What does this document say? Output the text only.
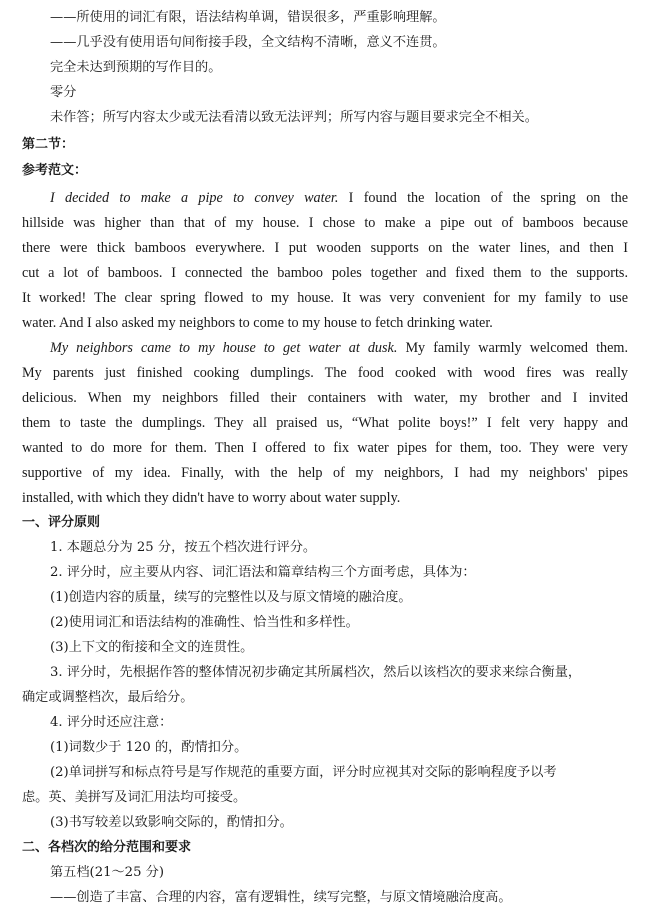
——所使用的词汇有限，语法结构单调，错误很多，严重影响理解。
——几乎没有使用语句间衔接手段，全文结构不清晰，意义不连贯。
完全未达到预期的写作目的。
零分
未作答；所写内容太少或无法看清以致无法评判；所写内容与题目要求完全不相关。
第二节：
参考范文：
I decided to make a pipe to convey water. I found the location of the spring on the
hillside was higher than that of my house. I chose to make a pipe out of bamboos because
there were thick bamboos everywhere. I put wooden supports on the water lines, and then I
cut a lot of bamboos. I connected the bamboo poles together and fixed them to the supports.
It worked! The clear spring flowed to my house. It was very convenient for my family to use
water. And I also asked my neighbors to come to my house to fetch drinking water.
My neighbors came to my house to get water at dusk. My family warmly welcomed them.
My parents just finished cooking dumplings. The food cooked with wood fires was really
delicious. When my neighbors filled their containers with water, my brother and I invited
them to taste the dumplings. They all praised us, “What polite boys!” I felt very happy and
wanted to do more for them. Then I offered to fix water pipes for them, too. They were very
supportive of my idea. Finally, with the help of my neighbors, I had my neighbors' pipes
installed, with which they didn't have to worry about water supply.
一、评分原则
1. 本题总分为 25 分，按五个档次进行评分。
2. 评分时，应主要从内容、词汇语法和篇章结构三个方面考虑，具体为：
(1)创造内容的质量，续写的完整性以及与原文情境的融洽度。
(2)使用词汇和语法结构的准确性、恰当性和多样性。
(3)上下文的衔接和全文的连贯性。
3. 评分时，先根据作答的整体情况初步确定其所属档次，然后以该档次的要求来综合衡量，
确定或调整档次，最后给分。
4. 评分时还应注意：
(1)词数少于 120 的，酌情扣分。
(2)单词拼写和标点符号是写作规范的重要方面，评分时应视其对交际的影响程度予以考
虑。英、美拼写及词汇用法均可接受。
(3)书写较差以致影响交际的，酌情扣分。
二、各档次的给分范围和要求
第五档(21～25 分)
——创造了丰富、合理的内容，富有逻辑性，续写完整，与原文情境融洽度高。
